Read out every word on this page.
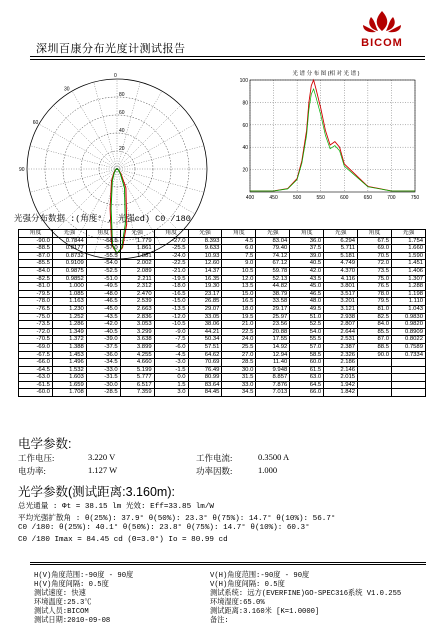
深圳百康分布光度计测试报告	BICOM
20
40
60
80
60
90
30
0	光 谱 分 布 图 (相 对 光 谱 )
400	450	500	550	600	650	700	750
100
80
60
40
20
光强分布数据 :(角度° , 光强cd) C0 /180
角度	光强	角度	光强	角度	光强	角度	光强	角度	光强	角度	光强
-90.0	0.7844	-58.5	1.779	-27.0	8.393	4.5	83.04	36.0	6.294	67.5	1.754
-88.5	0.8177	-57.0	1.861	-25.5	9.633	6.0	79.40	37.5	5.711	69.0	1.660
-87.0	0.8732	-55.5	1.881	-24.0	10.93	7.5	74.12	39.0	5.181	70.5	1.590
-85.5	0.9109	-54.0	2.002	-22.5	12.60	9.0	67.12	40.5	4.749	72.0	1.451
-84.0	0.9875	-52.5	2.089	-21.0	14.37	10.5	59.78	42.0	4.370	73.5	1.406
-82.5	0.9852	-51.0	2.211	-19.5	16.35	12.0	52.13	43.5	4.116	75.0	1.307
-81.0	1.000	-49.5	2.312	-18.0	19.30	13.5	44.82	45.0	3.801	76.5	1.288
-79.5	1.085	-48.0	2.470	-16.5	23.17	15.0	38.79	46.5	3.517	78.0	1.198
-78.0	1.163	-46.5	2.539	-15.0	26.85	16.5	33.58	48.0	3.201	79.5	1.110
-76.5	1.230	-45.0	2.663	-13.5	29.07	18.0	29.17	49.5	3.121	81.0	1.043
-75.0	1.252	-43.5	2.836	-12.0	33.05	19.5	25.97	51.0	2.938	82.5	0.9830
-73.5	1.286	-42.0	3.053	-10.5	38.06	21.0	23.56	52.5	2.807	84.0	0.9820
-72.0	1.349	-40.5	3.299	-9.0	44.21	22.5	20.88	54.0	2.644	85.5	0.8909
-70.5	1.372	-39.0	3.638	-7.5	50.34	24.0	17.55	55.5	2.531	87.0	0.8022
-69.0	1.388	-37.5	3.899	-6.0	57.51	25.5	14.92	57.0	2.387	88.5	0.7589
-67.5	1.453	-36.0	4.255	-4.5	64.62	27.0	12.94	58.5	2.326	90.0	0.7334
-66.0	1.496	-34.5	4.660	-3.0	70.69	28.5	11.40	60.0	2.186		
-64.5	1.532	-33.0	5.199	-1.5	76.49	30.0	9.948	61.5	2.146		
-63.0	1.603	-31.5	5.777	0.0	80.99	31.5	8.857	63.0	2.015		
-61.5	1.659	-30.0	6.517	1.5	83.64	33.0	7.876	64.5	1.942		
-60.0	1.708	-28.5	7.359	3.0	84.45	34.5	7.013	66.0	1.842		
电学参数:
工作电压:	3.220 V	工作电流:	0.3500 A
电功率:	1.127 W	功率因数:	1.000
光学参数(测试距离:3.160m):
总光通量 : Φt = 38.15 lm 光效: Eff=33.85 lm/W
平均光强扩散角 : θ(25%): 37.9° θ(50%): 23.3° θ(75%): 14.7° θ(10%): 56.7°
C0 /180: θ(25%): 40.1° θ(50%): 23.8° θ(75%): 14.7° θ(10%): 60.3°
C0 /180 Imax = 84.45 cd (Θ=3.0°) Io = 80.99 cd
H(V)角度范围:-90度 - 90度
H(V)角度间隔: 0.5度
测试速度: 快速
环境温度:25.3℃
测试人员:BICOM
测试日期:2010-09-08
V(H)角度范围:-90度 - 90度
V(H)角度间隔: 0.5度
测试系统: 远方(EVERFINE)GO-SPEC316系统 V1.0.255
环境湿度:65.0%
测试距离:3.160米 [K=1.0000]
备注:
